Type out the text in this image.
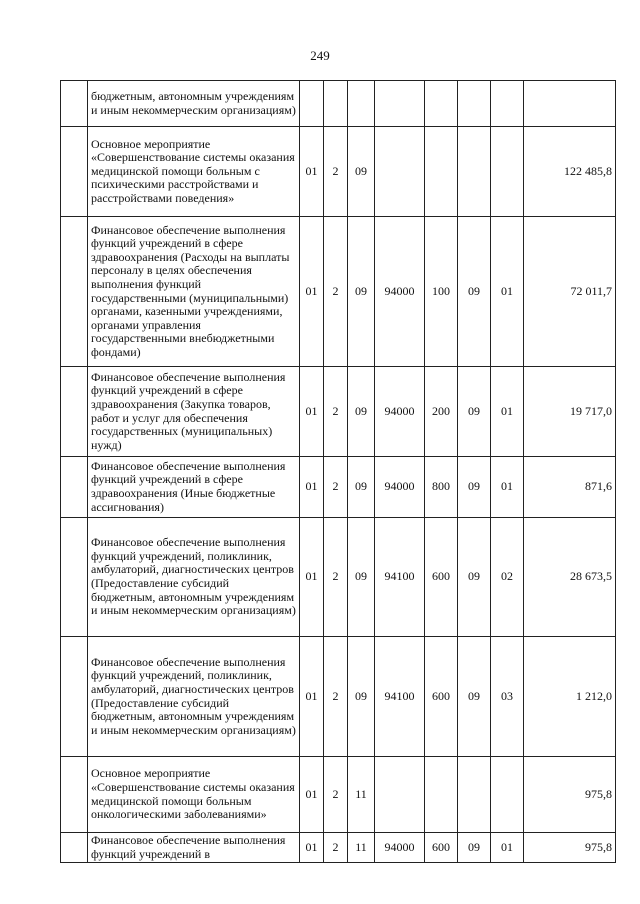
249
	бюджетным, автономным учреждениям и иным некоммерческим организациям)								
	Основное мероприятие «Совершенствование системы оказания медицинской помощи больным с психическими расстройствами и расстройствами поведения»	01	2	09					122 485,8
	Финансовое обеспечение выполнения функций учреждений в сфере здравоохранения (Расходы на выплаты персоналу в целях обеспечения выполнения функций государственными (муниципальными) органами, казенными учреждениями, органами управления государственными внебюджетными фондами)	01	2	09	94000	100	09	01	72 011,7
	Финансовое обеспечение выполнения функций учреждений в сфере здравоохранения (Закупка товаров, работ и услуг для обеспечения государственных (муниципальных) нужд)	01	2	09	94000	200	09	01	19 717,0
	Финансовое обеспечение выполнения функций учреждений в сфере здравоохранения (Иные бюджетные ассигнования)	01	2	09	94000	800	09	01	871,6
	Финансовое обеспечение выполнения функций учреждений, поликлиник, амбулаторий, диагностических центров (Предоставление субсидий бюджетным, автономным учреждениям и иным некоммерческим организациям)	01	2	09	94100	600	09	02	28 673,5
	Финансовое обеспечение выполнения функций учреждений, поликлиник, амбулаторий, диагностических центров (Предоставление субсидий бюджетным, автономным учреждениям и иным некоммерческим организациям)	01	2	09	94100	600	09	03	1 212,0
	Основное мероприятие «Совершенствование системы оказания медицинской помощи больным онкологическими заболеваниями»	01	2	11					975,8
	Финансовое обеспечение выполнения функций учреждений в	01	2	11	94000	600	09	01	975,8
